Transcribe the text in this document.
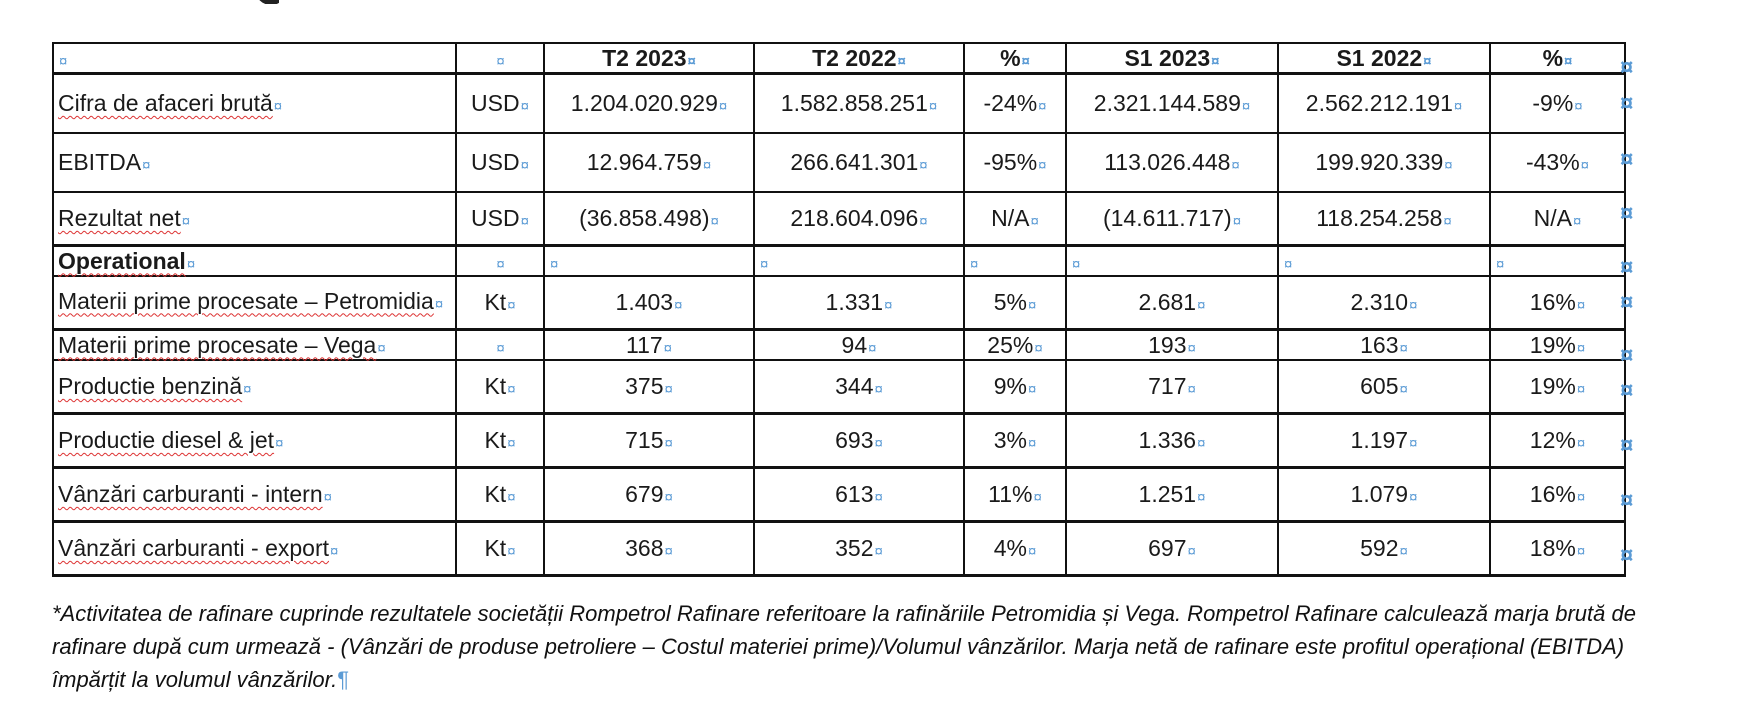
¤	¤	T2 2023¤	T2 2022¤	%¤	S1 2023¤	S1 2022¤	%¤
Cifra de afaceri brută¤	USD¤	1.204.020.929¤	1.582.858.251¤	-24%¤	2.321.144.589¤	2.562.212.191¤	-9%¤
EBITDA¤	USD¤	12.964.759¤	266.641.301¤	-95%¤	113.026.448¤	199.920.339¤	-43%¤
Rezultat net¤	USD¤	(36.858.498)¤	218.604.096¤	N/A¤	(14.611.717)¤	118.254.258¤	N/A¤
Operational¤	¤	¤	¤	¤	¤	¤	¤
Materii prime procesate – Petromidia¤	Kt¤	1.403¤	1.331¤	5%¤	2.681¤	2.310¤	16%¤
Materii prime procesate – Vega¤	¤	117¤	94¤	25%¤	193¤	163¤	19%¤
Productie benzină¤	Kt¤	375¤	344¤	9%¤	717¤	605¤	19%¤
Productie diesel & jet¤	Kt¤	715¤	693¤	3%¤	1.336¤	1.197¤	12%¤
Vânzări carburanti - intern¤	Kt¤	679¤	613¤	11%¤	1.251¤	1.079¤	16%¤
Vânzări carburanti - export¤	Kt¤	368¤	352¤	4%¤	697¤	592¤	18%¤
¤
¤
¤
¤
¤
¤
¤
¤
¤
¤
¤
*Activitatea de rafinare cuprinde rezultatele societății Rompetrol Rafinare referitoare la rafinăriile Petromidia și Vega. Rompetrol Rafinare calculează marja brută de rafinare după cum urmează - (Vânzări de produse petroliere – Costul materiei prime)/Volumul vânzărilor. Marja netă de rafinare este profitul operațional (EBITDA) împărțit la volumul vânzărilor.¶
